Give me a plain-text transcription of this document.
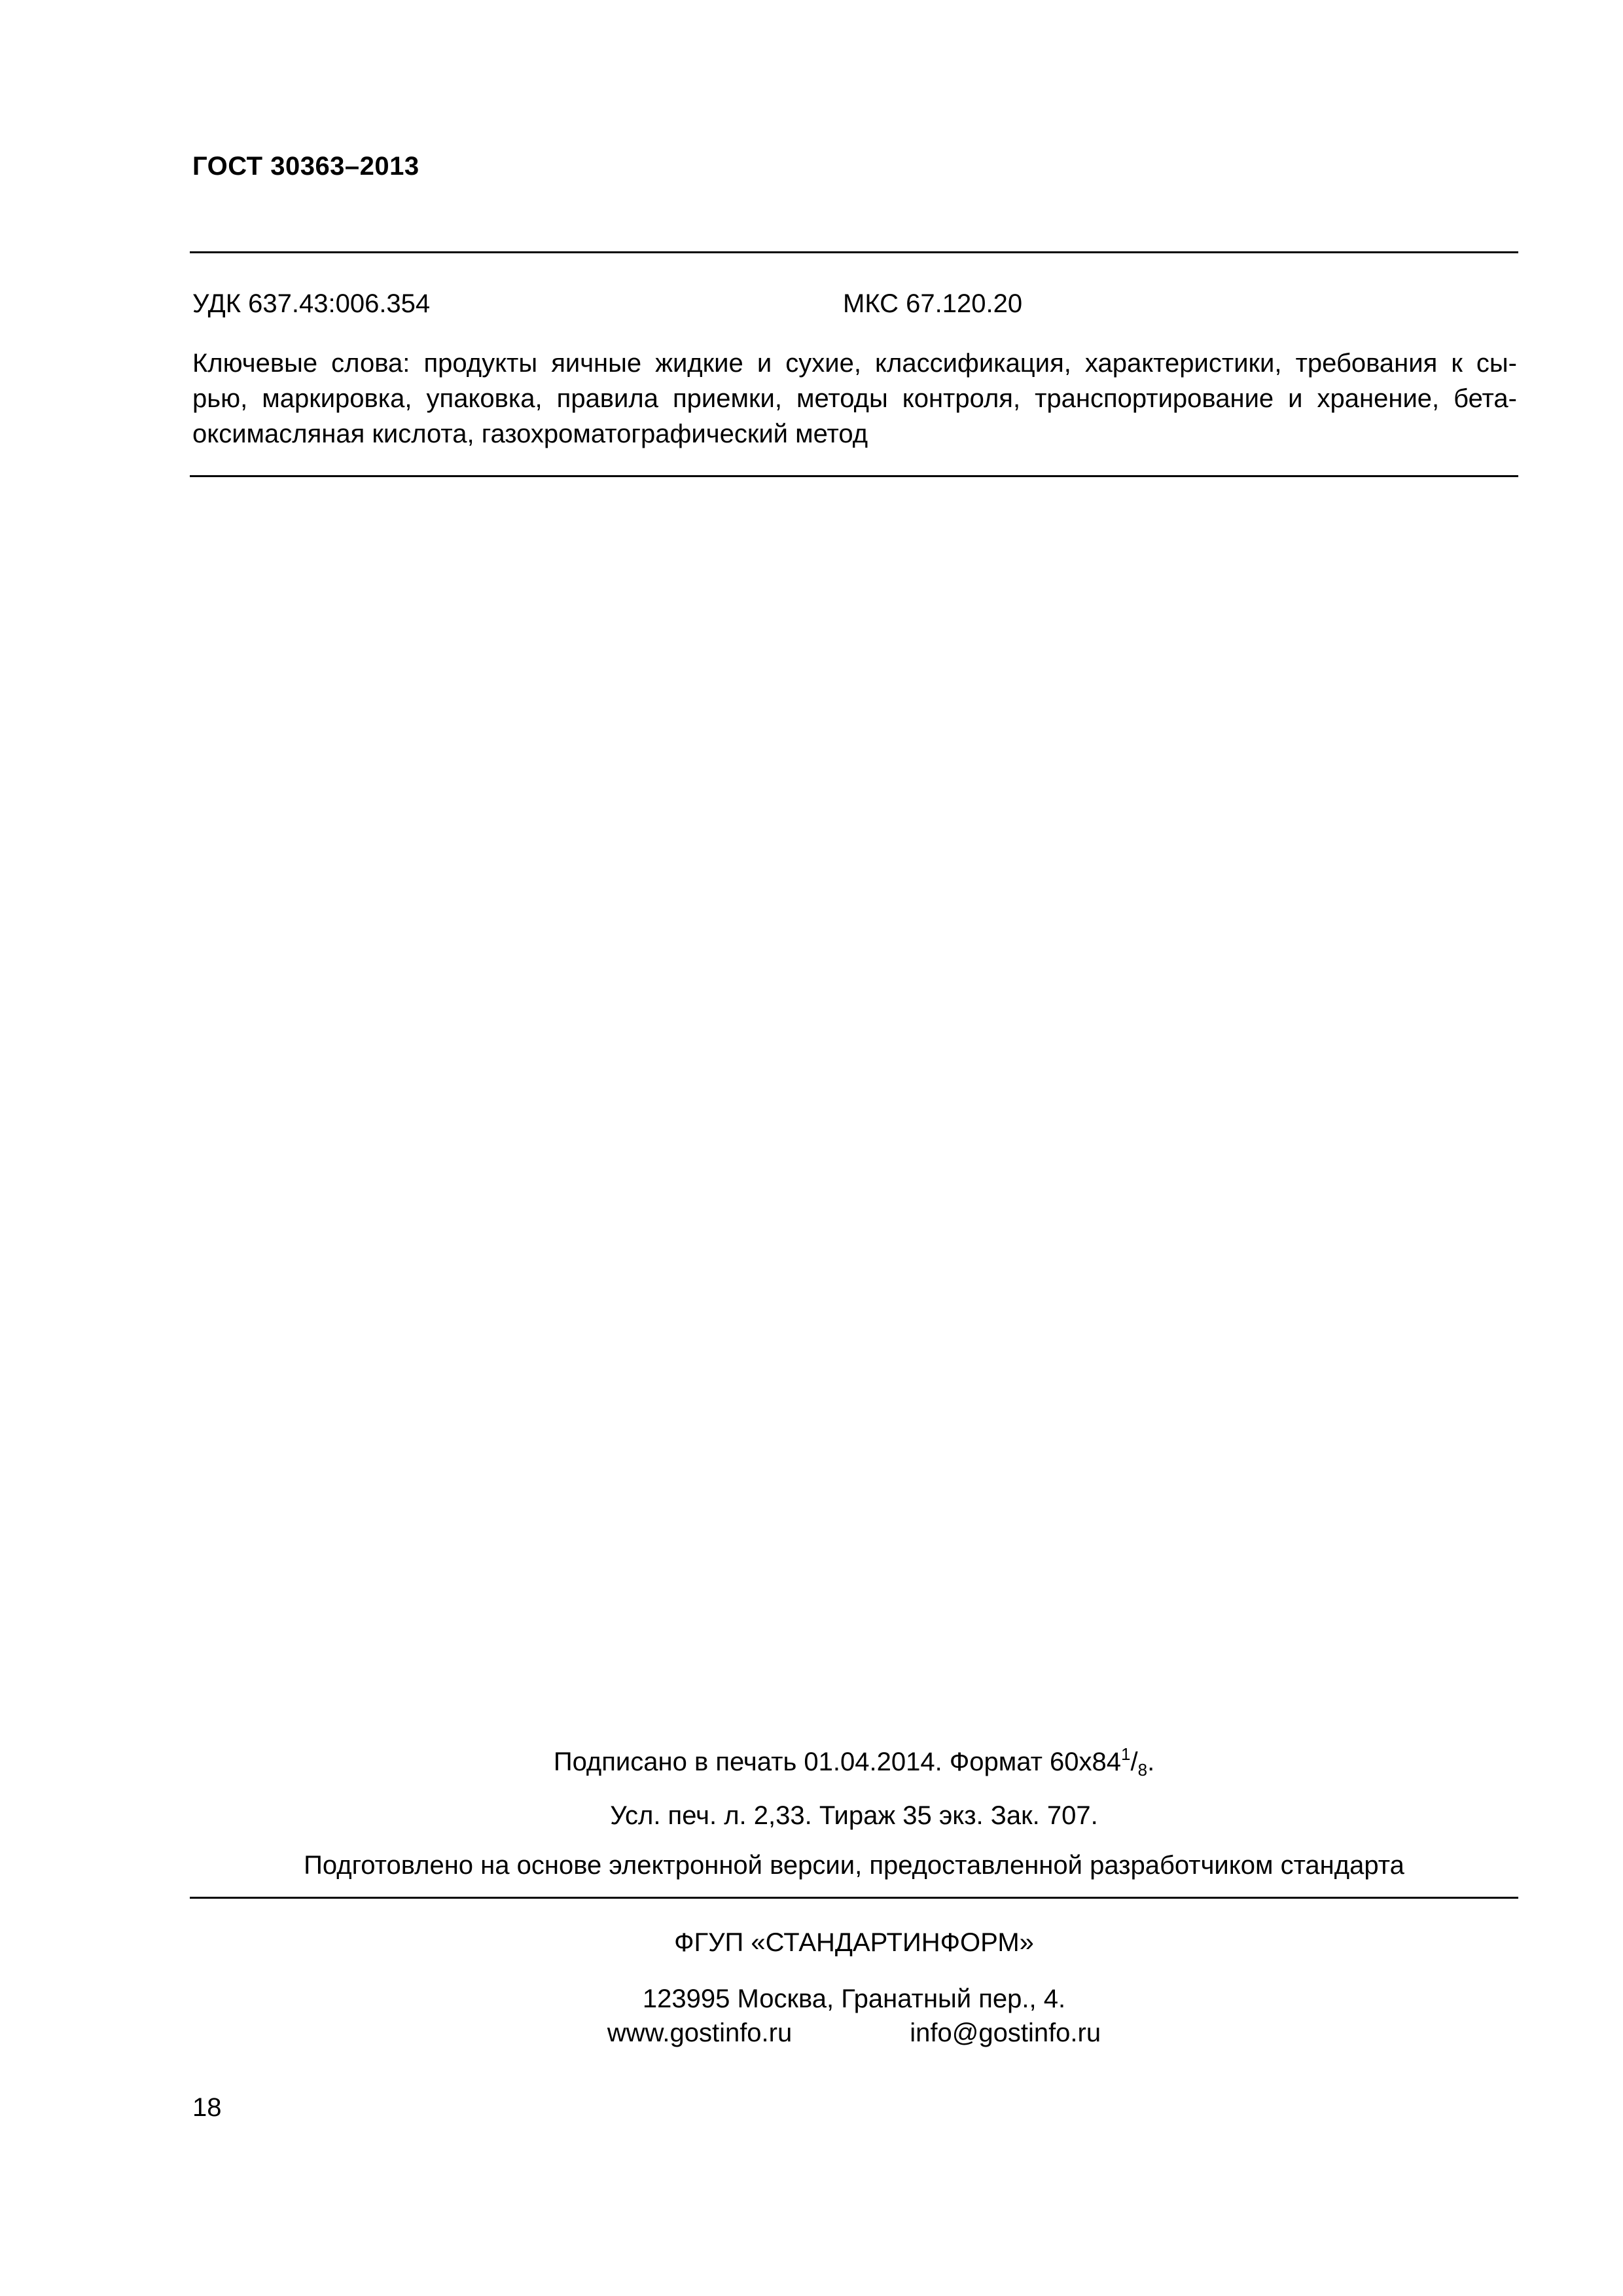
ГОСТ 30363–2013
УДК 637.43:006.354	МКС 67.120.20
Ключевые слова: продукты яичные жидкие и сухие, классификация, характеристики, требования к сы-
рью, маркировка, упаковка, правила приемки, методы контроля, транспортирование и хранение, бета-
оксимасляная кислота, газохроматографический метод
Подписано в печать 01.04.2014. Формат $60x84^1/_8$.
Усл. печ. л. 2,33. Тираж 35 экз. Зак. 707.
Подготовлено на основе электронной версии, предоставленной разработчиком стандарта
ФГУП «СТАНДАРТИНФОРМ»
123995 Москва, Гранатный пер., 4.
www.gostinfo.ru	info@gostinfo.ru
18
